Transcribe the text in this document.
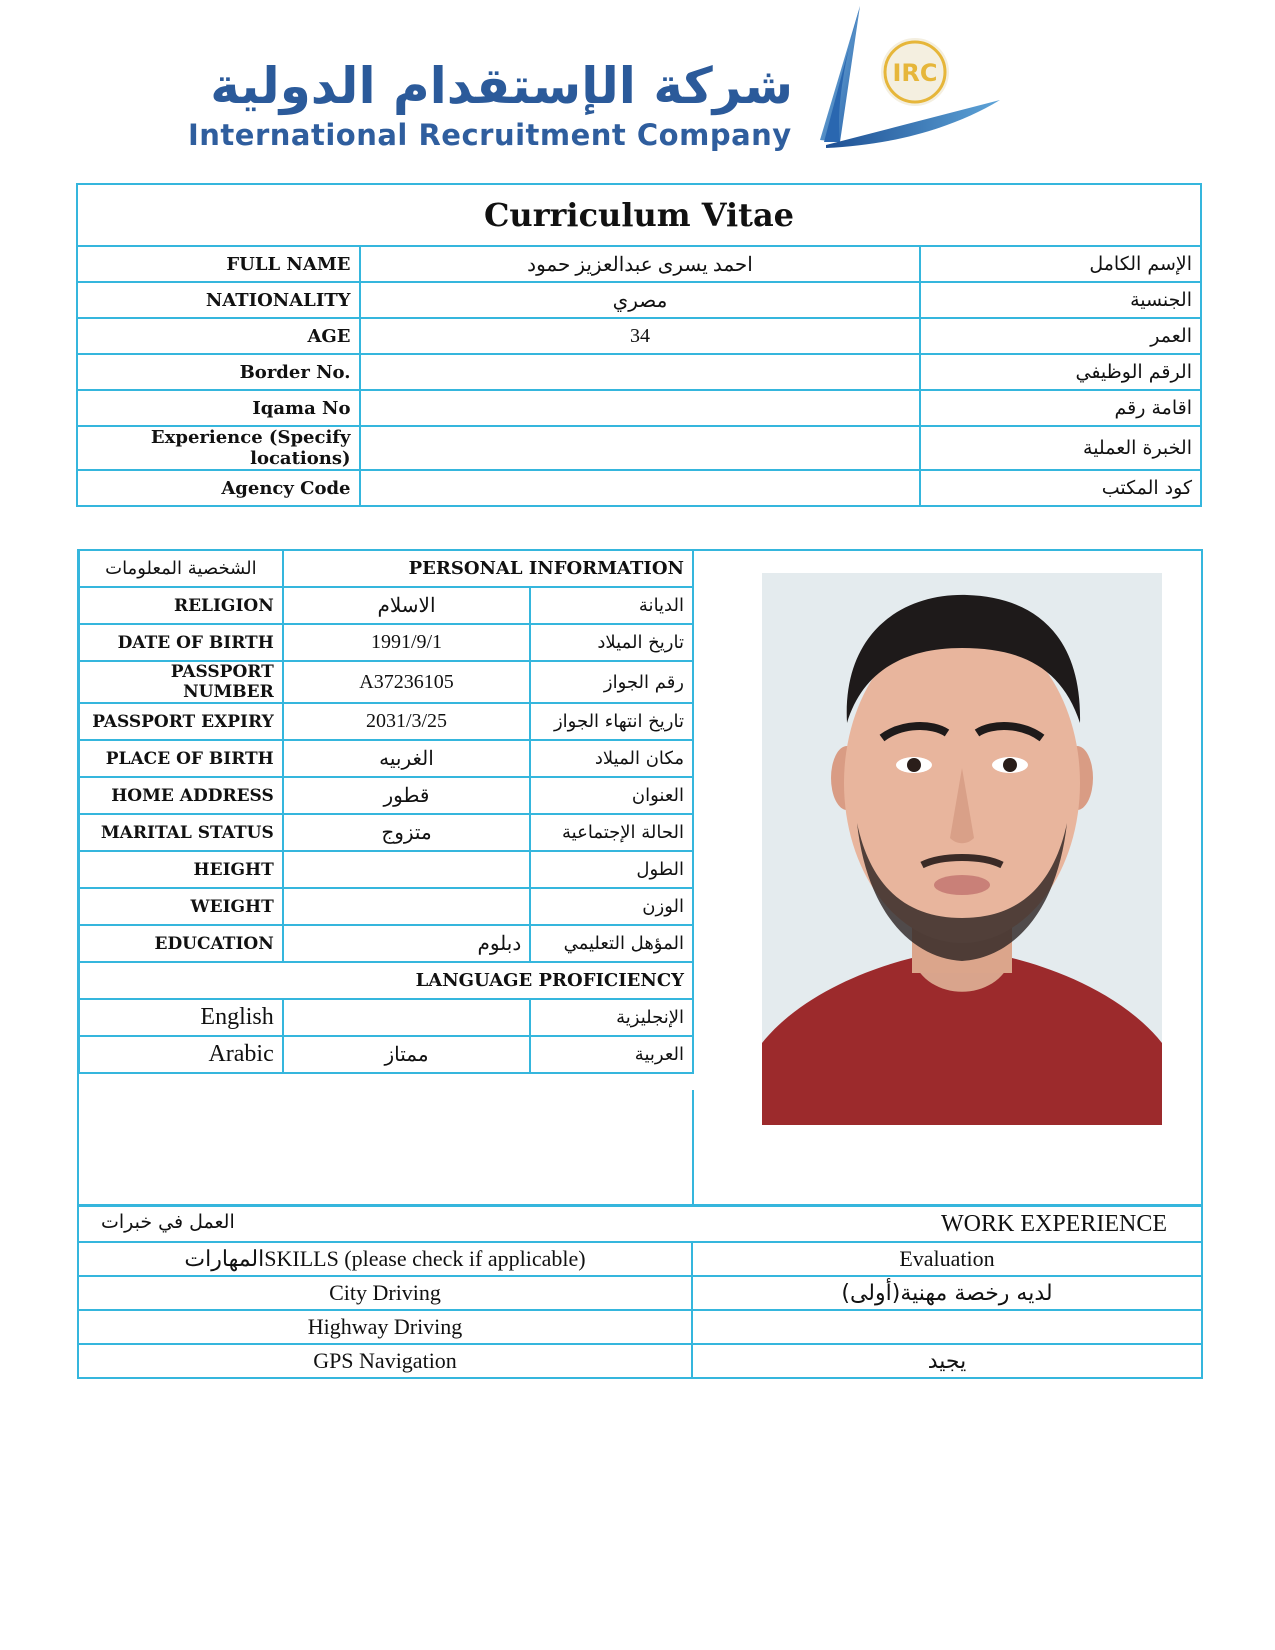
شركة الإستقدام الدولية
International Recruitment Company
IRC
Curriculum Vitae		
FULL NAME	احمد يسرى عبدالعزيز حمود	الإسم الكامل
NATIONALITY	مصري	الجنسية
AGE	34	العمر
Border No.		الرقم الوظيفي
Iqama No		اقامة رقم
Experience (Specify locations)		الخبرة العملية
Agency Code		كود المكتب
الشخصية المعلومات	PERSONAL INFORMATION	
RELIGION	الاسلام	الديانة
DATE OF BIRTH	1991/9/1	تاريخ الميلاد
PASSPORT NUMBER	A37236105	رقم الجواز
PASSPORT EXPIRY	2031/3/25	تاريخ انتهاء الجواز
PLACE OF BIRTH	الغربيه	مكان الميلاد
HOME ADDRESS	قطور	العنوان
MARITAL STATUS	متزوج	الحالة الإجتماعية
HEIGHT		الطول
WEIGHT		الوزن
EDUCATION	دبلوم	المؤهل التعليمي
LANGUAGE PROFICIENCY		
English		الإنجليزية
Arabic	ممتاز	العربية
العمل في خبرات WORK EXPERIENCE	

المهاراتSKILLS (please check if applicable)	Evaluation
City Driving	لديه رخصة مهنية(أولى)
Highway Driving	
GPS Navigation	يجيد
